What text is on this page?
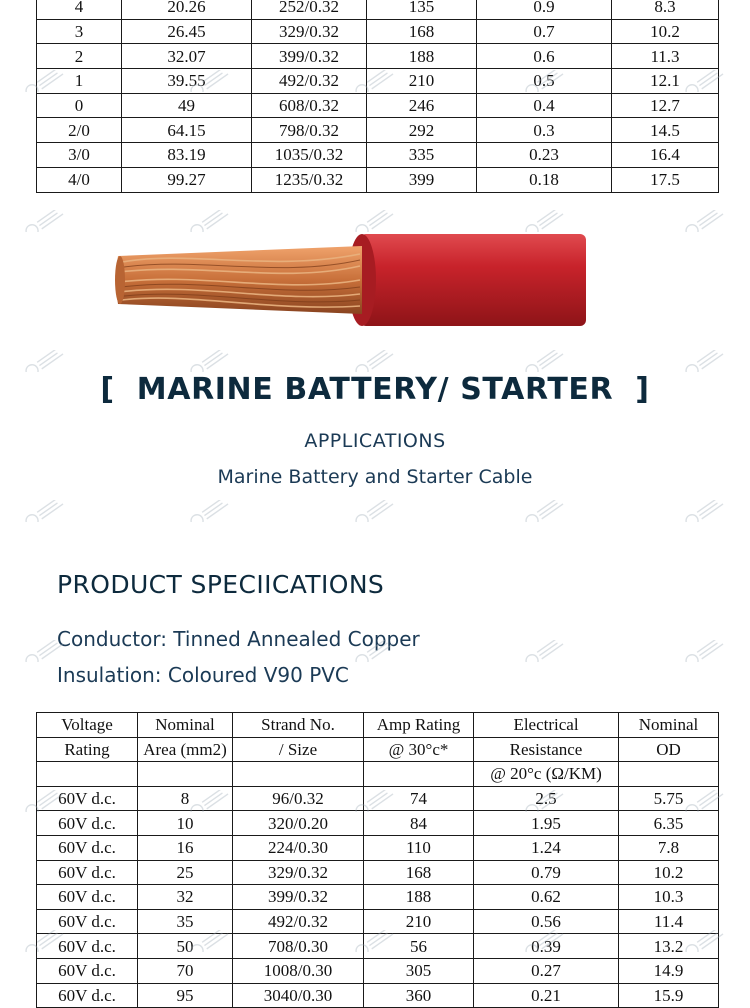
4	20.26	252/0.32	135	0.9	8.3
3	26.45	329/0.32	168	0.7	10.2
2	32.07	399/0.32	188	0.6	11.3
1	39.55	492/0.32	210	0.5	12.1
0	49	608/0.32	246	0.4	12.7
2/0	64.15	798/0.32	292	0.3	14.5
3/0	83.19	1035/0.32	335	0.23	16.4
4/0	99.27	1235/0.32	399	0.18	17.5
[ MARINE BATTERY/ STARTER ]
APPLICATIONS
Marine Battery and Starter Cable
PRODUCT SPECIICATIONS
Conductor: Tinned Annealed Copper
Insulation: Coloured V90 PVC
Voltage	Nominal	Strand No.	Amp Rating	Electrical	Nominal
Rating	Area (mm2)	/ Size	@ 30°c*	Resistance	OD
				@ 20°c (Ω/KM)	
60V d.c.	8	96/0.32	74	2.5	5.75
60V d.c.	10	320/0.20	84	1.95	6.35
60V d.c.	16	224/0.30	110	1.24	7.8
60V d.c.	25	329/0.32	168	0.79	10.2
60V d.c.	32	399/0.32	188	0.62	10.3
60V d.c.	35	492/0.32	210	0.56	11.4
60V d.c.	50	708/0.30	56	0.39	13.2
60V d.c.	70	1008/0.30	305	0.27	14.9
60V d.c.	95	3040/0.30	360	0.21	15.9
